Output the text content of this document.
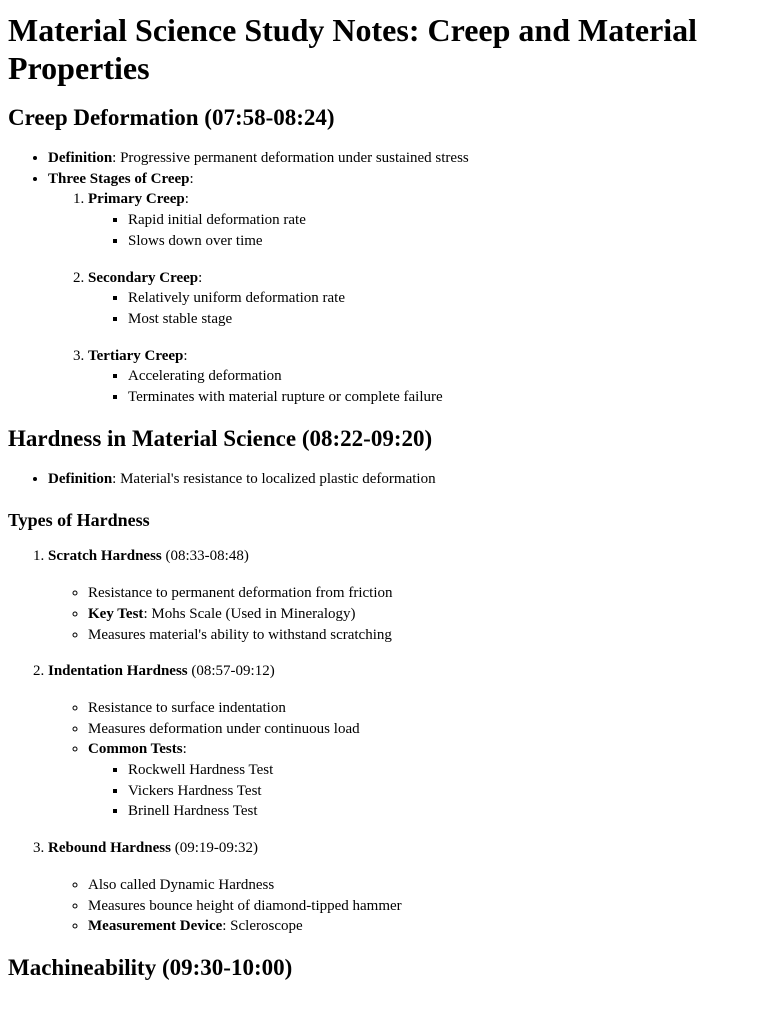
Material Science Study Notes: Creep and Material Properties
Creep Deformation (07:58-08:24)
• Definition: Progressive permanent deformation under sustained stress
• Three Stages of Creep:
1. Primary Creep:
▪ Rapid initial deformation rate
▪ Slows down over time
2. Secondary Creep:
▪ Relatively uniform deformation rate
▪ Most stable stage
3. Tertiary Creep:
▪ Accelerating deformation
▪ Terminates with material rupture or complete failure
Hardness in Material Science (08:22-09:20)
• Definition: Material's resistance to localized plastic deformation
Types of Hardness

1. Scratch Hardness (08:33-08:48)

◦ Resistance to permanent deformation from friction
◦ Key Test: Mohs Scale (Used in Mineralogy)
◦ Measures material's ability to withstand scratching

2. Indentation Hardness (08:57-09:12)

◦ Resistance to surface indentation
◦ Measures deformation under continuous load
◦ Common Tests:
▪ Rockwell Hardness Test
▪ Vickers Hardness Test
▪ Brinell Hardness Test

3. Rebound Hardness (09:19-09:32)

◦ Also called Dynamic Hardness
◦ Measures bounce height of diamond-tipped hammer
◦ Measurement Device: Scleroscope
Machineability (09:30-10:00)
